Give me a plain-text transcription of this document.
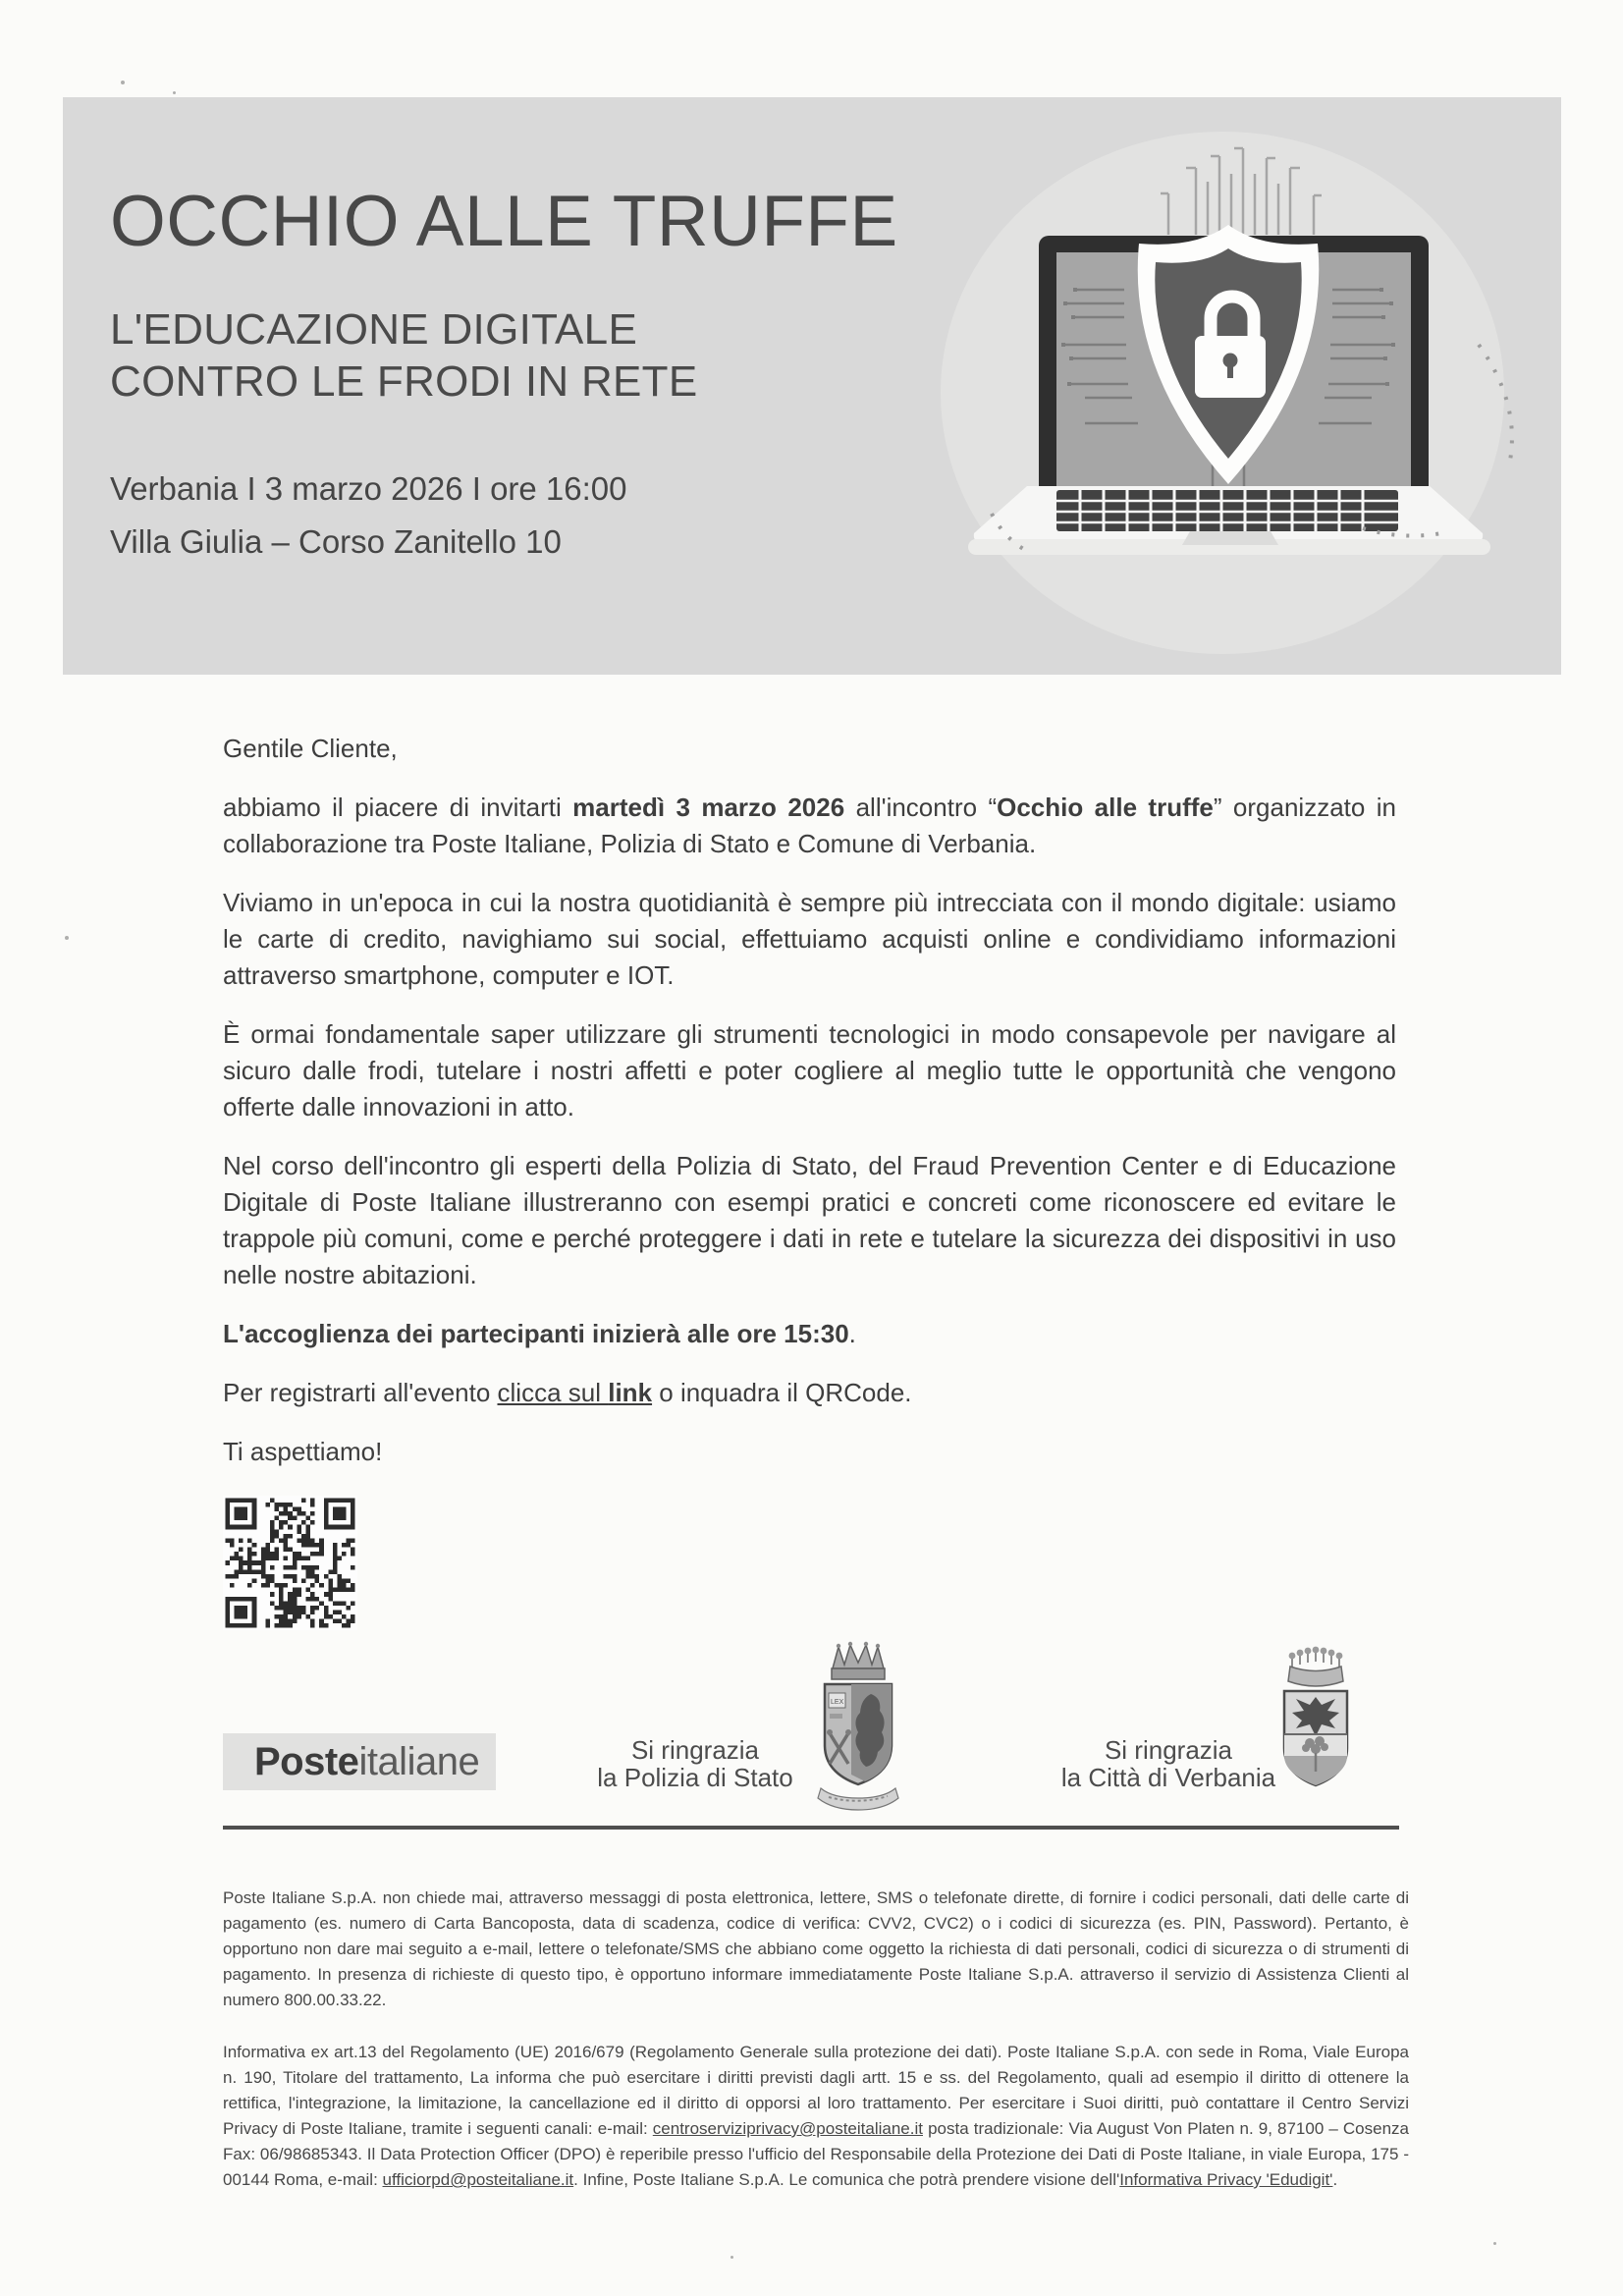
OCCHIO ALLE TRUFFE
L'EDUCAZIONE DIGITALE
CONTRO LE FRODI IN RETE
Verbania I 3 marzo 2026 I ore 16:00
Villa Giulia – Corso Zanitello 10

Gentile Cliente,

abbiamo il piacere di invitarti martedì 3 marzo 2026 all'incontro “Occhio alle truffe” organizzato in collaborazione tra Poste Italiane, Polizia di Stato e Comune di Verbania.

Viviamo in un'epoca in cui la nostra quotidianità è sempre più intrecciata con il mondo digitale: usiamo le carte di credito, navighiamo sui social, effettuiamo acquisti online e condividiamo informazioni attraverso smartphone, computer e IOT.

È ormai fondamentale saper utilizzare gli strumenti tecnologici in modo consapevole per navigare al sicuro dalle frodi, tutelare i nostri affetti e poter cogliere al meglio tutte le opportunità che vengono offerte dalle innovazioni in atto.

Nel corso dell'incontro gli esperti della Polizia di Stato, del Fraud Prevention Center e di Educazione Digitale di Poste Italiane illustreranno con esempi pratici e concreti come riconoscere ed evitare le trappole più comuni, come e perché proteggere i dati in rete e tutelare la sicurezza dei dispositivi in uso nelle nostre abitazioni.

L'accoglienza dei partecipanti inizierà alle ore 15:30.

Per registrarti all'evento clicca sul link o inquadra il QRCode.

Ti aspettiamo!

Poste italiane	Si ringrazia
la Polizia di Stato
LEX
Si ringrazia
la Città di Verbania

Poste Italiane S.p.A. non chiede mai, attraverso messaggi di posta elettronica, lettere, SMS o telefonate dirette, di fornire i codici personali, dati delle carte di pagamento (es. numero di Carta Bancoposta, data di scadenza, codice di verifica: CVV2, CVC2) o i codici di sicurezza (es. PIN, Password). Pertanto, è opportuno non dare mai seguito a e-mail, lettere o telefonate/SMS che abbiano come oggetto la richiesta di dati personali, codici di sicurezza o di strumenti di pagamento. In presenza di richieste di questo tipo, è opportuno informare immediatamente Poste Italiane S.p.A. attraverso il servizio di Assistenza Clienti al numero 800.00.33.22.

Informativa ex art.13 del Regolamento (UE) 2016/679 (Regolamento Generale sulla protezione dei dati). Poste Italiane S.p.A. con sede in Roma, Viale Europa n. 190, Titolare del trattamento, La informa che può esercitare i diritti previsti dagli artt. 15 e ss. del Regolamento, quali ad esempio il diritto di ottenere la rettifica, l'integrazione, la limitazione, la cancellazione ed il diritto di opporsi al loro trattamento. Per esercitare i Suoi diritti, può contattare il Centro Servizi Privacy di Poste Italiane, tramite i seguenti canali: e-mail: centroserviziprivacy@posteitaliane.it posta tradizionale: Via August Von Platen n. 9, 87100 – Cosenza Fax: 06/98685343. Il Data Protection Officer (DPO) è reperibile presso l'ufficio del Responsabile della Protezione dei Dati di Poste Italiane, in viale Europa, 175 - 00144 Roma, e-mail: ufficiorpd@posteitaliane.it. Infine, Poste Italiane S.p.A. Le comunica che potrà prendere visione dell'Informativa Privacy 'Edudigit'.
